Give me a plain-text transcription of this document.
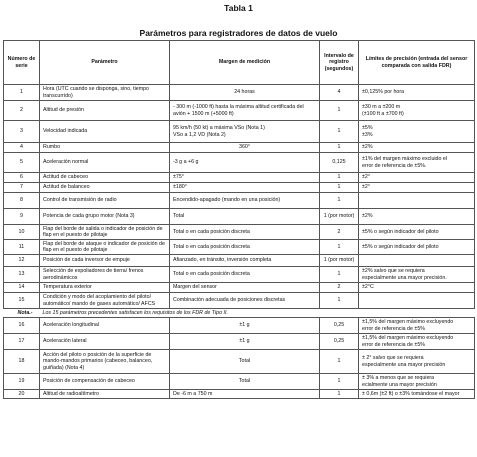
Tabla 1
Parámetros para registradores de datos de vuelo
Número de serie	Parámetro	Margen de medición	Intervalo de registro (segundos)	Límites de precisión (entrada del sensor comparada con salida FDR)
1	Hora (UTC cuando se disponga, sino, tiempo transcurrido)	24 horas	4	±0,125% por hora

2	Altitud de presión	- 300 m (-1000 ft) hasta la máxima altitud certificada del avión + 1500 m (+5000 ft)	1	±30 m a ±200 m
(±100 ft a ±700 ft)

3	Velocidad indicada	95 km/h (50 kt) a máxima VSo (Nota 1)
VSo a 1,2 VD (Nota 2)	1	±5%
±3%

4	Rumbo	360°	1	±2%

5	Aceleración normal	-3 g a +6 g	0,125	±1% del margen máximo excluido el
error de referencia de ±5%.

6	Actitud de cabeceo	±75°	1	±2°

7	Actitud de balanceo	±180°	1	±2°

8	Control de transmisión de radio	Encendido-apagado (mando en una posición)	1	
9	Potencia de cada grupo motor (Nota 3)	Total	1 (por motor)	±2%

10	Flap del borde de salida o indicador de posición de flap en el puesto de pilotaje	Total o en cada posición discreta	2	±5% o según indicador del piloto

11	Flap del borde de ataque o indicador de posición de flap en el puesto de pilotaje	Total o en cada posición discreta	1	±5% o según indicador del piloto

12	Posición de cada inversor de empuje	Afianzado, en tránsito, inversión completa	1 (por motor)	
13	Selección de expoliadores de tierra/ frenos aerodinámicos	Total o en cada posición discreta	1	±2% salvo que se requiera
especialmente una mayor precisión.

14	Temperatura exterior	Margen del sensor	2	±2°C

15	Condición y modo del acoplamiento del piloto/ automático/ mando de gases automático/ AFCS	Combinación adecuada de posiciones discretas	1	
Nota.- Los 15 parámetros precedentes satisfacen los requisitos de los FDR de Tipo II.				
16	Aceleración longitudinal	±1 g	0,25	±1,5% del margen máximo excluyendo
error de referencia de ±5%

17	Aceleración lateral	±1 g	0,25	±1,5% del margen máximo excluyendo
error de referencia de ±5%

18	Acción del piloto o posición de la superficie de mando-mandos primarios (cabeceo, balanceo, guiñada) (Nota 4)	Total	1	± 2° salvo que se requiera
especialmente una mayor precisión

19	Posición de compensación de cabeceo	Total	1	± 3% a menos que se requiera
ecialmente una mayor precisión

20	Altitud de radioaltímetro	De -6 m a 750 m	1	± 0,6m (±2 ft) o ±3% tomándose el mayor
